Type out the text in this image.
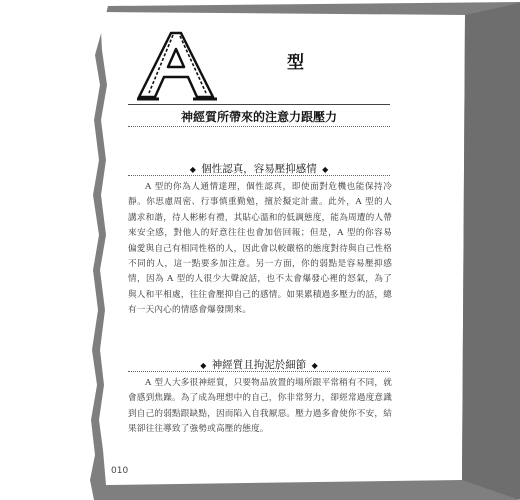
型
神經質所帶來的注意力跟壓力
◆ 個性認真，容易壓抑感情 ◆
A 型的你為人通情達理，個性認真，即使面對危機也能保持冷靜。你思慮周密、行事慎重勤勉，擅於擬定計畫。此外，A 型的人講求和諧，待人彬彬有禮，其貼心溫和的低調態度，能為周遭的人帶來安全感，對他人的好意往往也會加倍回報；但是，A 型的你容易偏愛與自己有相同性格的人，因此會以較嚴格的態度對待與自己性格不同的人，這一點要多加注意。另一方面，你的弱點是容易壓抑感情，因為 A 型的人很少大聲說話，也不太會爆發心裡的怒氣，為了與人和平相處，往往會壓抑自己的感情。如果累積過多壓力的話，總有一天內心的情感會爆發開來。
◆ 神經質且拘泥於細節 ◆
A 型人大多很神經質，只要物品放置的場所跟平常稍有不同，就會感到焦躁。為了成為理想中的自己，你非常努力，卻經常過度意識到自己的弱點跟缺點，因而陷入自我厭惡。壓力過多會使你不安，結果卻往往導致了強勢或高壓的態度。
010
